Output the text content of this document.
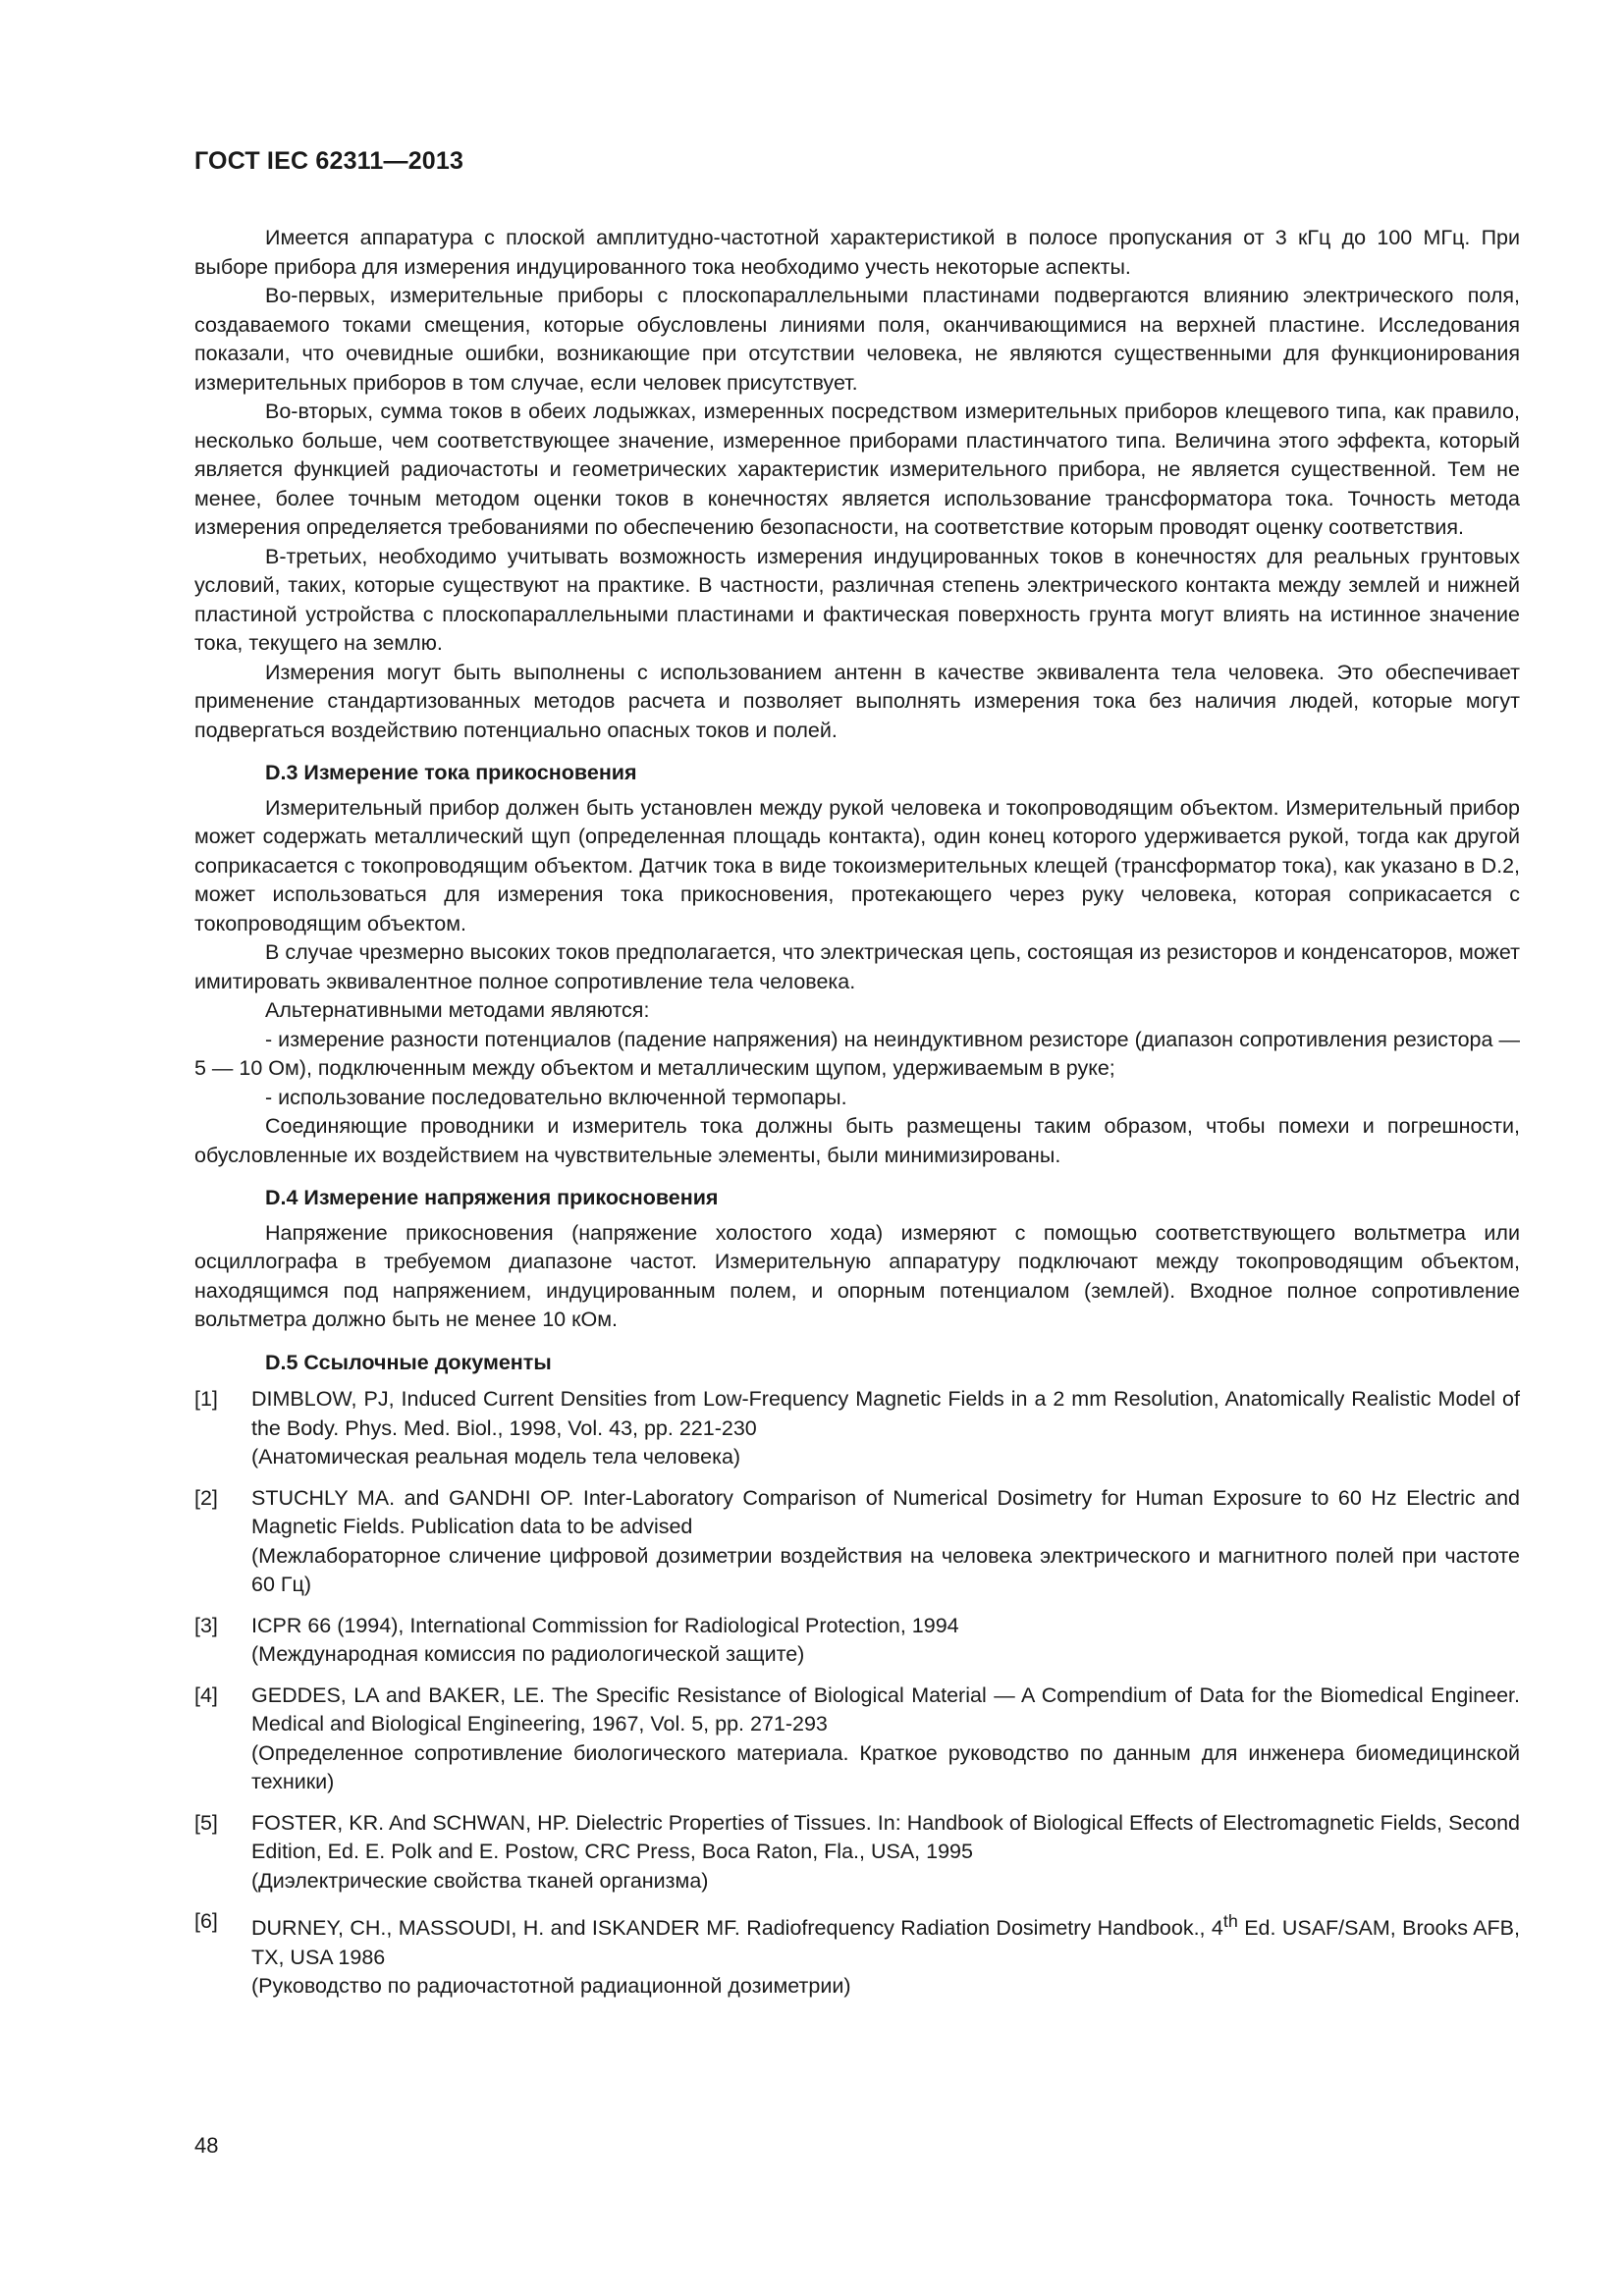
ГОСТ IEC 62311—2013

Имеется аппаратура с плоской амплитудно-частотной характеристикой в полосе пропускания от 3 кГц до 100 МГц. При выборе прибора для измерения индуцированного тока необходимо учесть некоторые аспекты.

Во-первых, измерительные приборы с плоскопараллельными пластинами подвергаются влиянию электрического поля, создаваемого токами смещения, которые обусловлены линиями поля, оканчивающимися на верхней пластине. Исследования показали, что очевидные ошибки, возникающие при отсутствии человека, не являются существенными для функционирования измерительных приборов в том случае, если человек присутствует.

Во-вторых, сумма токов в обеих лодыжках, измеренных посредством измерительных приборов клещевого типа, как правило, несколько больше, чем соответствующее значение, измеренное приборами пластинчатого типа. Величина этого эффекта, который является функцией радиочастоты и геометрических характеристик измерительного прибора, не является существенной. Тем не менее, более точным методом оценки токов в конечностях является использование трансформатора тока. Точность метода измерения определяется требованиями по обеспечению безопасности, на соответствие которым проводят оценку соответствия.

В-третьих, необходимо учитывать возможность измерения индуцированных токов в конечностях для реальных грунтовых условий, таких, которые существуют на практике. В частности, различная степень электрического контакта между землей и нижней пластиной устройства с плоскопараллельными пластинами и фактическая поверхность грунта могут влиять на истинное значение тока, текущего на землю.

Измерения могут быть выполнены с использованием антенн в качестве эквивалента тела человека. Это обеспечивает применение стандартизованных методов расчета и позволяет выполнять измерения тока без наличия людей, которые могут подвергаться воздействию потенциально опасных токов и полей.

D.3 Измерение тока прикосновения

Измерительный прибор должен быть установлен между рукой человека и токопроводящим объектом. Измерительный прибор может содержать металлический щуп (определенная площадь контакта), один конец которого удерживается рукой, тогда как другой соприкасается с токопроводящим объектом. Датчик тока в виде токоизмерительных клещей (трансформатор тока), как указано в D.2, может использоваться для измерения тока прикосновения, протекающего через руку человека, которая соприкасается с токопроводящим объектом.

В случае чрезмерно высоких токов предполагается, что электрическая цепь, состоящая из резисторов и конденсаторов, может имитировать эквивалентное полное сопротивление тела человека.

Альтернативными методами являются:

- измерение разности потенциалов (падение напряжения) на неиндуктивном резисторе (диапазон сопротивления резистора — 5 — 10 Ом), подключенным между объектом и металлическим щупом, удерживаемым в руке;

- использование последовательно включенной термопары.

Соединяющие проводники и измеритель тока должны быть размещены таким образом, чтобы помехи и погрешности, обусловленные их воздействием на чувствительные элементы, были минимизированы.

D.4 Измерение напряжения прикосновения

Напряжение прикосновения (напряжение холостого хода) измеряют с помощью соответствующего вольтметра или осциллографа в требуемом диапазоне частот. Измерительную аппаратуру подключают между токопроводящим объектом, находящимся под напряжением, индуцированным полем, и опорным потенциалом (землей). Входное полное сопротивление вольтметра должно быть не менее 10 кОм.

D.5 Ссылочные документы
[1]	DIMBLOW, PJ, Induced Current Densities from Low-Frequency Magnetic Fields in a 2 mm Resolution, Anatomically Realistic Model of the Body. Phys. Med. Biol., 1998, Vol. 43, pp. 221-230
(Анатомическая реальная модель тела человека)
[2]	STUCHLY MA. and GANDHI OP. Inter-Laboratory Comparison of Numerical Dosimetry for Human Exposure to 60 Hz Electric and Magnetic Fields. Publication data to be advised
(Межлабораторное сличение цифровой дозиметрии воздействия на человека электрического и магнитного полей при частоте 60 Гц)
[3]	ICPR 66 (1994), International Commission for Radiological Protection, 1994
(Международная комиссия по радиологической защите)
[4]	GEDDES, LA and BAKER, LE. The Specific Resistance of Biological Material — A Compendium of Data for the Biomedical Engineer. Medical and Biological Engineering, 1967, Vol. 5, pp. 271-293
(Определенное сопротивление биологического материала. Краткое руководство по данным для инженера биомедицинской техники)
[5]	FOSTER, KR. And SCHWAN, HP. Dielectric Properties of Tissues. In: Handbook of Biological Effects of Electromagnetic Fields, Second Edition, Ed. E. Polk and E. Postow, CRC Press, Boca Raton, Fla., USA, 1995
(Диэлектрические свойства тканей организма)
[6]	DURNEY, CH., MASSOUDI, H. and ISKANDER MF. Radiofrequency Radiation Dosimetry Handbook., 4th Ed. USAF/SAM, Brooks AFB, TX, USA 1986
(Руководство по радиочастотной радиационной дозиметрии)
48
